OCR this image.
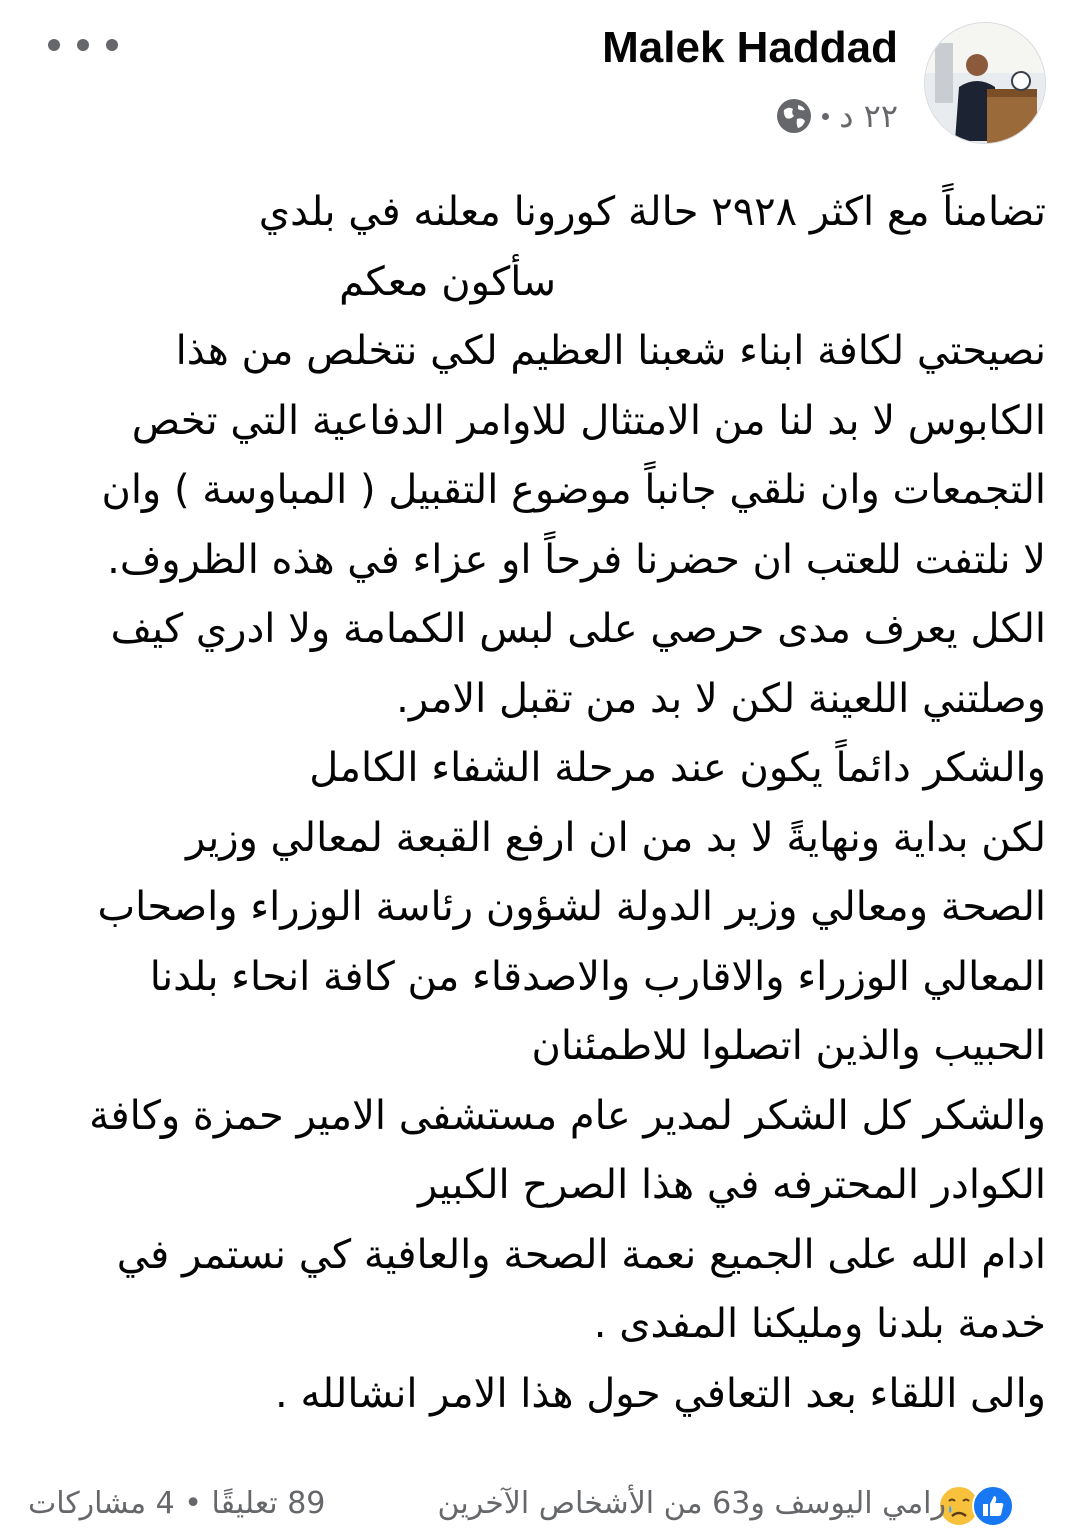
Malek Haddad
٢٢ د
تضامناً مع اكثر ٢٩٢٨ حالة كورونا معلنه في بلدي
سأكون معكم
نصيحتي لكافة ابناء شعبنا العظيم لكي نتخلص من هذا
الكابوس لا بد لنا من الامتثال للاوامر الدفاعية التي تخص
التجمعات وان نلقي جانباً موضوع التقبيل ( المباوسة ) وان
لا نلتفت للعتب ان حضرنا فرحاً او عزاء في هذه الظروف.
الكل يعرف مدى حرصي على لبس الكمامة ولا ادري كيف
وصلتني اللعينة لكن لا بد من تقبل الامر.
والشكر دائماً يكون عند مرحلة الشفاء الكامل
لكن بداية ونهايةً لا بد من ان ارفع القبعة لمعالي وزير
الصحة ومعالي وزير الدولة لشؤون رئاسة الوزراء واصحاب
المعالي الوزراء والاقارب والاصدقاء من كافة انحاء بلدنا
الحبيب والذين اتصلوا للاطمئنان
والشكر كل الشكر لمدير عام مستشفى الامير حمزة وكافة
الكوادر المحترفه في هذا الصرح الكبير
ادام الله على الجميع نعمة الصحة والعافية كي نستمر في
خدمة بلدنا ومليكنا المفدى .
والى اللقاء بعد التعافي حول هذا الامر انشالله .
رامي اليوسف و63 من الأشخاص الآخرين
89 تعليقًا • 4 مشاركات
